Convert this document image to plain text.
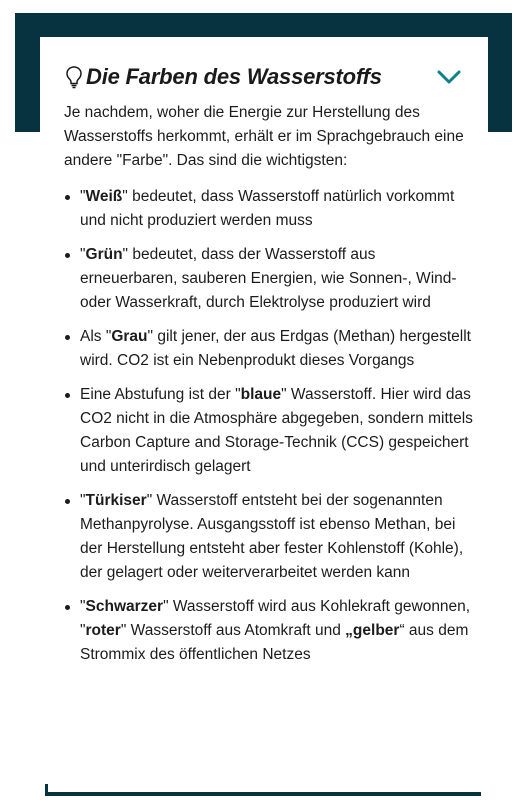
Die Farben des Wasserstoffs

Je nachdem, woher die Energie zur Herstellung des Wasserstoffs herkommt, erhält er im Sprachgebrauch eine andere "Farbe". Das sind die wichtigsten:

"Weiß" bedeutet, dass Wasserstoff natürlich vorkommt und nicht produziert werden muss
"Grün" bedeutet, dass der Wasserstoff aus erneuerbaren, sauberen Energien, wie Sonnen-, Wind- oder Wasserkraft, durch Elektrolyse produziert wird
Als "Grau" gilt jener, der aus Erdgas (Methan) hergestellt wird. CO2 ist ein Nebenprodukt dieses Vorgangs
Eine Abstufung ist der "blaue" Wasserstoff. Hier wird das CO2 nicht in die Atmosphäre abgegeben, sondern mittels Carbon Capture and Storage-Technik (CCS) gespeichert und unterirdisch gelagert
"Türkiser" Wasserstoff entsteht bei der sogenannten Methanpyrolyse. Ausgangsstoff ist ebenso Methan, bei der Herstellung entsteht aber fester Kohlenstoff (Kohle), der gelagert oder weiterverarbeitet werden kann
"Schwarzer" Wasserstoff wird aus Kohlekraft gewonnen, "roter" Wasserstoff aus Atomkraft und „gelber“ aus dem Strommix des öffentlichen Netzes
